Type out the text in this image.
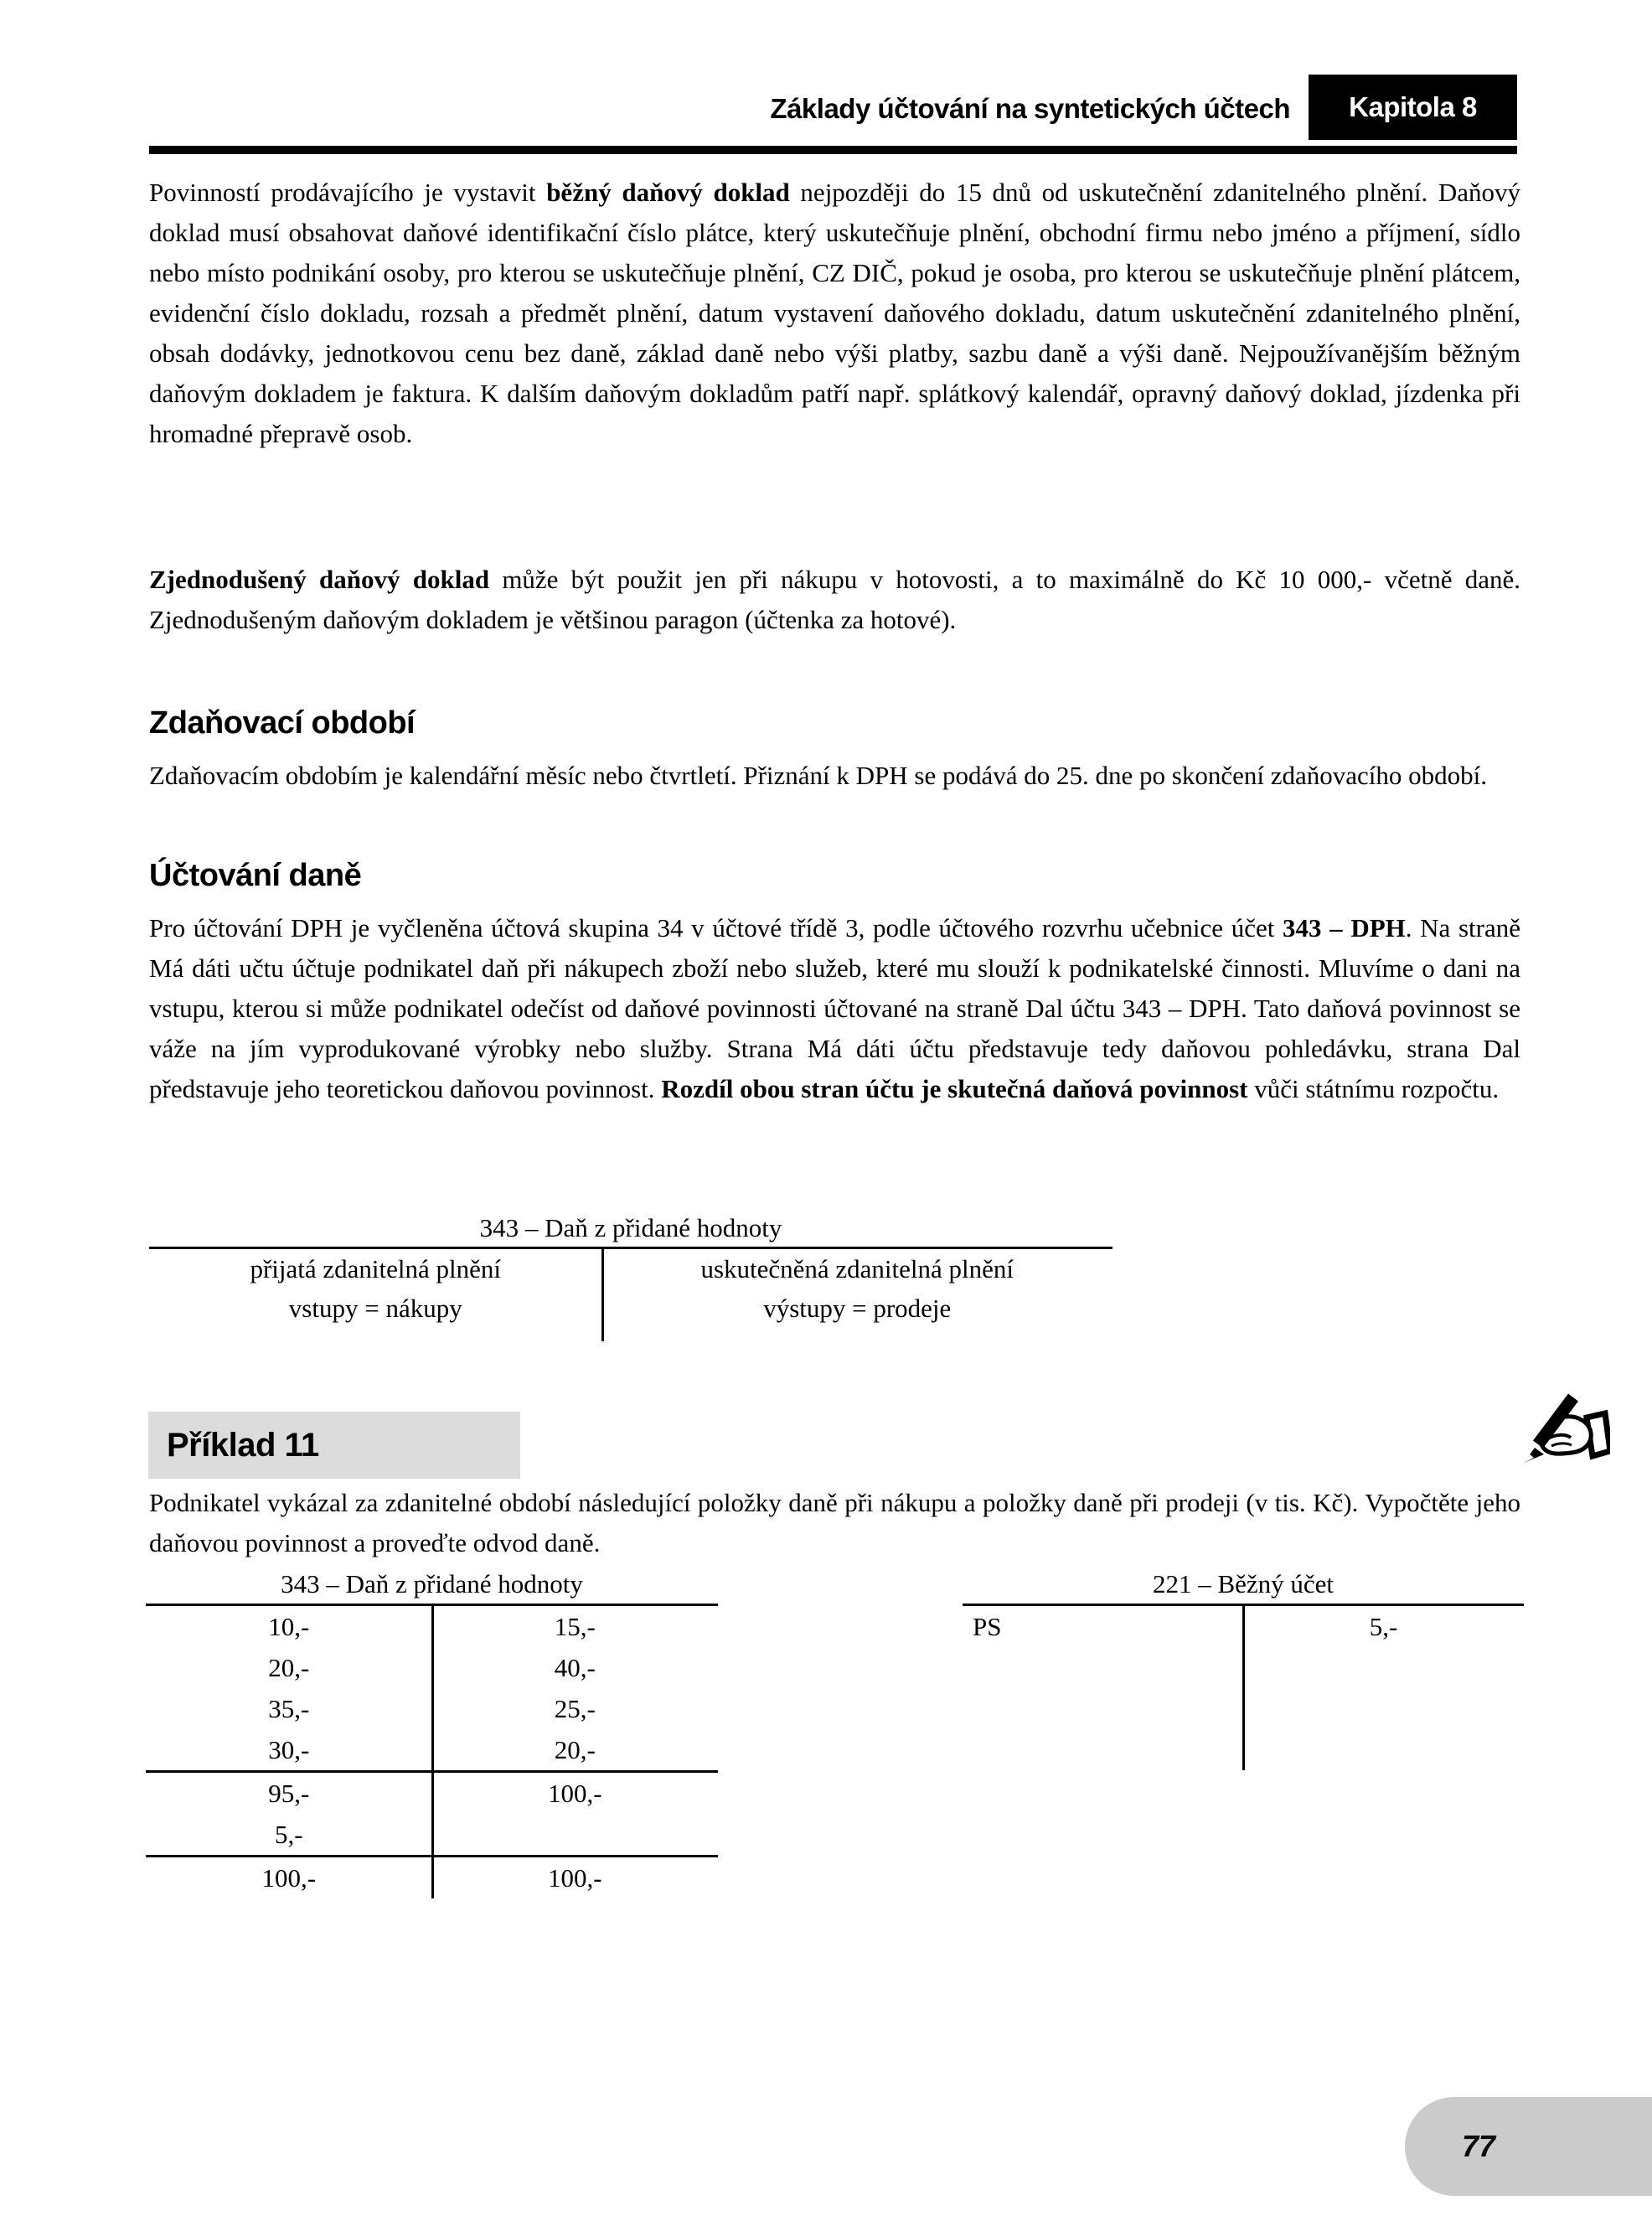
Základy účtování na syntetických účtech	Kapitola 8
Povinností prodávajícího je vystavit běžný daňový doklad nejpozději do 15 dnů od uskutečnění zdanitelného plnění. Daňový doklad musí obsahovat daňové identifikační číslo plátce, který uskutečňuje plnění, obchodní firmu nebo jméno a příjmení, sídlo nebo místo podnikání osoby, pro kterou se uskutečňuje plnění, CZ DIČ, pokud je osoba, pro kterou se uskutečňuje plnění plátcem, evidenční číslo dokladu, rozsah a předmět plnění, datum vystavení daňového dokladu, datum uskutečnění zdanitelného plnění, obsah dodávky, jednotkovou cenu bez daně, základ daně nebo výši platby, sazbu daně a výši daně. Nejpoužívanějším běžným daňovým dokladem je faktura. K dalším daňovým dokladům patří např. splátkový kalendář, opravný daňový doklad, jízdenka při hromadné přepravě osob.
Zjednodušený daňový doklad může být použit jen při nákupu v hotovosti, a to maximálně do Kč 10 000,- včetně daně. Zjednodušeným daňovým dokladem je většinou paragon (účtenka za hotové).
Zdaňovací období
Zdaňovacím obdobím je kalendářní měsíc nebo čtvrtletí. Přiznání k DPH se podává do 25. dne po skončení zdaňovacího období.
Účtování daně
Pro účtování DPH je vyčleněna účtová skupina 34 v účtové třídě 3, podle účtového rozvrhu učebnice účet 343 – DPH. Na straně Má dáti učtu účtuje podnikatel daň při nákupech zboží nebo služeb, které mu slouží k podnikatelské činnosti. Mluvíme o dani na vstupu, kterou si může podnikatel odečíst od daňové povinnosti účtované na straně Dal účtu 343 – DPH. Tato daňová povinnost se váže na jím vyprodukované výrobky nebo služby. Strana Má dáti účtu představuje tedy daňovou pohledávku, strana Dal představuje jeho teoretickou daňovou povinnost. Rozdíl obou stran účtu je skutečná daňová povinnost vůči státnímu rozpočtu.
343 – Daň z přidané hodnoty
přijatá zdanitelná plnění	uskutečněná zdanitelná plnění
vstupy = nákupy	výstupy = prodeje
Příklad 11
Podnikatel vykázal za zdanitelné období následující položky daně při nákupu a položky daně při prodeji (v tis. Kč). Vypočtěte jeho daňovou povinnost a proveďte odvod daně.
343 – Daň z přidané hodnoty
10,-	15,-
20,-	40,-
35,-	25,-
30,-	20,-
95,-	100,-
5,-
100,-	100,-
221 – Běžný účet
PS	5,-
77
